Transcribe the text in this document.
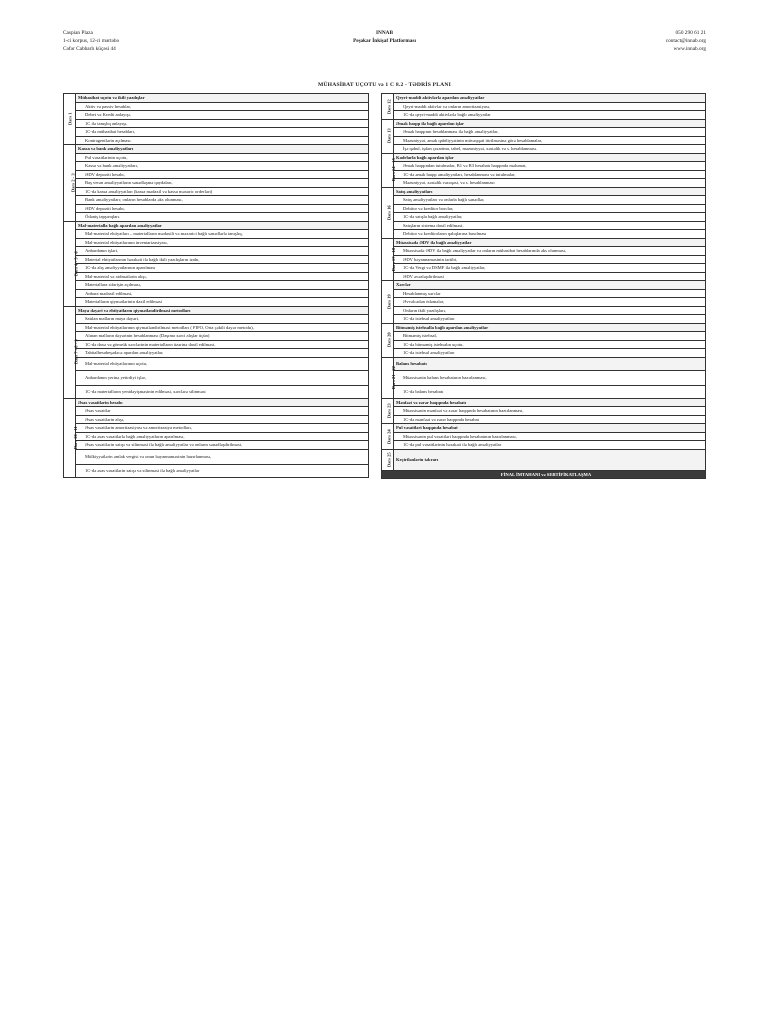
Caspian Plaza
1-ci korpus, 12-ci mərtəbə
Cəfər Cabbarlı küçəsi 44
INNAB
Peşəkar İnkişaf Platforması
050 290 61 21
contact@innab.org
www.innab.org
MÜHASİBAT UÇOTU və 1 C 8.2 - TƏDRİS PLANI
Dərs 1	Mühasibat uçotu və ikili yazılışlar
	Aktiv və passiv hesablar,
	Debet və Kredit anlayışı,
	1C ilə tanışlıq anlayışı,
	1C-də mühasibat hesabları,
	Kontragentlərin açılması.
Dərs 2 - 3	Kassa və bank əməliyyatları
	Pul vəsaitlərinin uçotu,
	Kassa və bank əməliyyatları,
	ƏDV depoziti hesabı,
	Baş verən əməliyyatların sənədləşmə qaydaları,
	1C-də kassa əməliyyatları (kassa mədaxil və kassa məxaric orderləri)
	Bank əməliyyatları; onların hesablarda əks olunması,
	ƏDV depoziti hesabı,
	Ödəniş tapşırıqları.
Dərs 4 - 5 - 6	Mal-materialla bağlı aparılan əməliyyatlar
	Mal-material ehtiyatları – materialların mədaxili və məxarici bağlı sənədlərlə tanışlıq,
	Mal-material ehtiyatlarının inventarizasiyası,
	Anbardanın işləri,
	Material ehtiyatlarının hərəkəti ilə bağlı ikili yazılışların izahı,
	1C-də alış əməliyyatlarının aparılması
	Mal-material və xidmətlərin alışı,
	Materiallara sifarişin açılması,
	Anbara mədaxil edilməsi,
	Materialların qiymətlərinin daxil edilməsi
Dərs 7 - 8 - 9	Maya dəyəri və ehtiyatların qiymətləndirilməsi metodları
	Satılan malların maya dəyəri,
	Mal-material ehtiyatlarının qiymətləndirilməsi metodları ( FIFO, Orta çəkili dəyər metodu),
	Alınan malların dəyərinin hesablanması (Daşıma xərci alışlar üçün)
	1C-də daxə və gömrük xərclərinin materialların üzərinə daxil edilməsi,
	Tabitalhesabeşədəcə aparılan əməliyyatlar,
	Mal-material ehtiyatlarının uçotu,
	Anbardanın yerinə yetirdiyi işlər,
	1C-də materialların yenidəyişməsinin edilməsi, xərclərə silinməsi
Dərs 10 - 11	Əsas vəsaitlərin hesabı
	Əsas vəsaitlər
	Əsas vəsaitlərin alışı,
	Əsas vəsaitlərin amortizasiyası və amortizasiya metodları,
	1C-də əsas vəsaitlərlə bağlı əməliyyatların aparılması,
	Əsas vəsaitlərin satışı və silinməsi ilə bağlı əməliyyatlar və onların sənədləşdirilməsi,
	Mülkiyyətlərin əmlak vergisi və onun bəyannaməsinin hazırlanması,
	1C-də əsas vəsaitlərin satışı və silinməsi ilə bağlı əməliyyatlar
Dərs 12	Qeyri-maddi aktivlərlə aparılan əməliyyatlar
	Qeyri-maddi aktivlər və onların amortizasiyası,
	1C-də qeyri-maddi aktivlərlə bağlı əməliyyatlar
Dərs 13	Əmək haqqı ilə bağlı aparılan işlər
	Əmək haqqının hesablanması ilə bağlı əməliyyatlar,
	Məzuniyyət, əmək qabiliyyətinin müvəqqəti itirilməsinə görə hesablamalar,
	İşə qəbul, işdən çıxartma, tabel, məzuniyyət, xəstəlik və s. hesablanması.
Dərs 14 - 15	Kadrlarla bağlı aparılan işlər
	Əmək haqqından tutulmalar, B1 və B3 hesabatı haqqında məlumat,
	1C-də əmək haqqı əməliyyatları, hesablanması və tutulmalar,
	Məzuniyyət, xəstəlik vərəqəsi, və s. hesablanması
Dərs 16	Satış əməliyyatları
	Satış əməliyyatları və onlarla bağlı sənədlər,
	Debitor və kreditor borclar,
	1C-də satışla bağlı əməliyyatlar,
	Satışların sistemə daxil edilməsi,
	Debitor və kreditorların qalıqlarına baxılması
Dərs 17 - 18	Müəssisədə ƏDV ilə bağlı əməliyyatlar
	Müəssisədə ƏDV ilə bağlı əməliyyatlar və onların mühasibat hesablarında əks olunması,
	ƏDV bəyannaməsinin tərtibi,
	1C-də Vergi və DSMF ilə bağlı əməliyyatlar,
	ƏDV əvəzləşdirilməsi
Dərs 19	Xərclər
	Hesablanmış xərclər
	Əvvəlcədən ödəmələr,
	Onların ikili yazılışları,
	1C-də istehsal əməliyyatları
Dərs 20	Bitməmiş istehsalla bağlı aparılan əməliyyatlar
	Bitməmiş istehsal,
	1C-də bitməmiş istehsalın uçotu,
	1C-də istehsal əməliyyatları
Dərs 21 - 22	Balans hesabatı
	Müəssisənin balans hesabatının hazırlanması,
	1C-də balans hesabatı
Dərs 23	Mənfəət və zərər haqqında hesabatı
	Müəssisənin mənfəət və zərər haqqında hesabatının hazırlanması,
	1C-də mənfəət və zərər haqqında hesabat
Dərs 24	Pul vəsaitləri haqqında hesabat
	Müəssisənin pul vəsaitləri haqqında hesabatının hazırlanması,
	1C-də pul vəsaitlərinin hərəkəti ilə bağlı əməliyyatlar
Dərs 25	Keçirilənlərin təkrarı
FİNAL İMTAHANI və SERTİFİKATLAŞMA	
